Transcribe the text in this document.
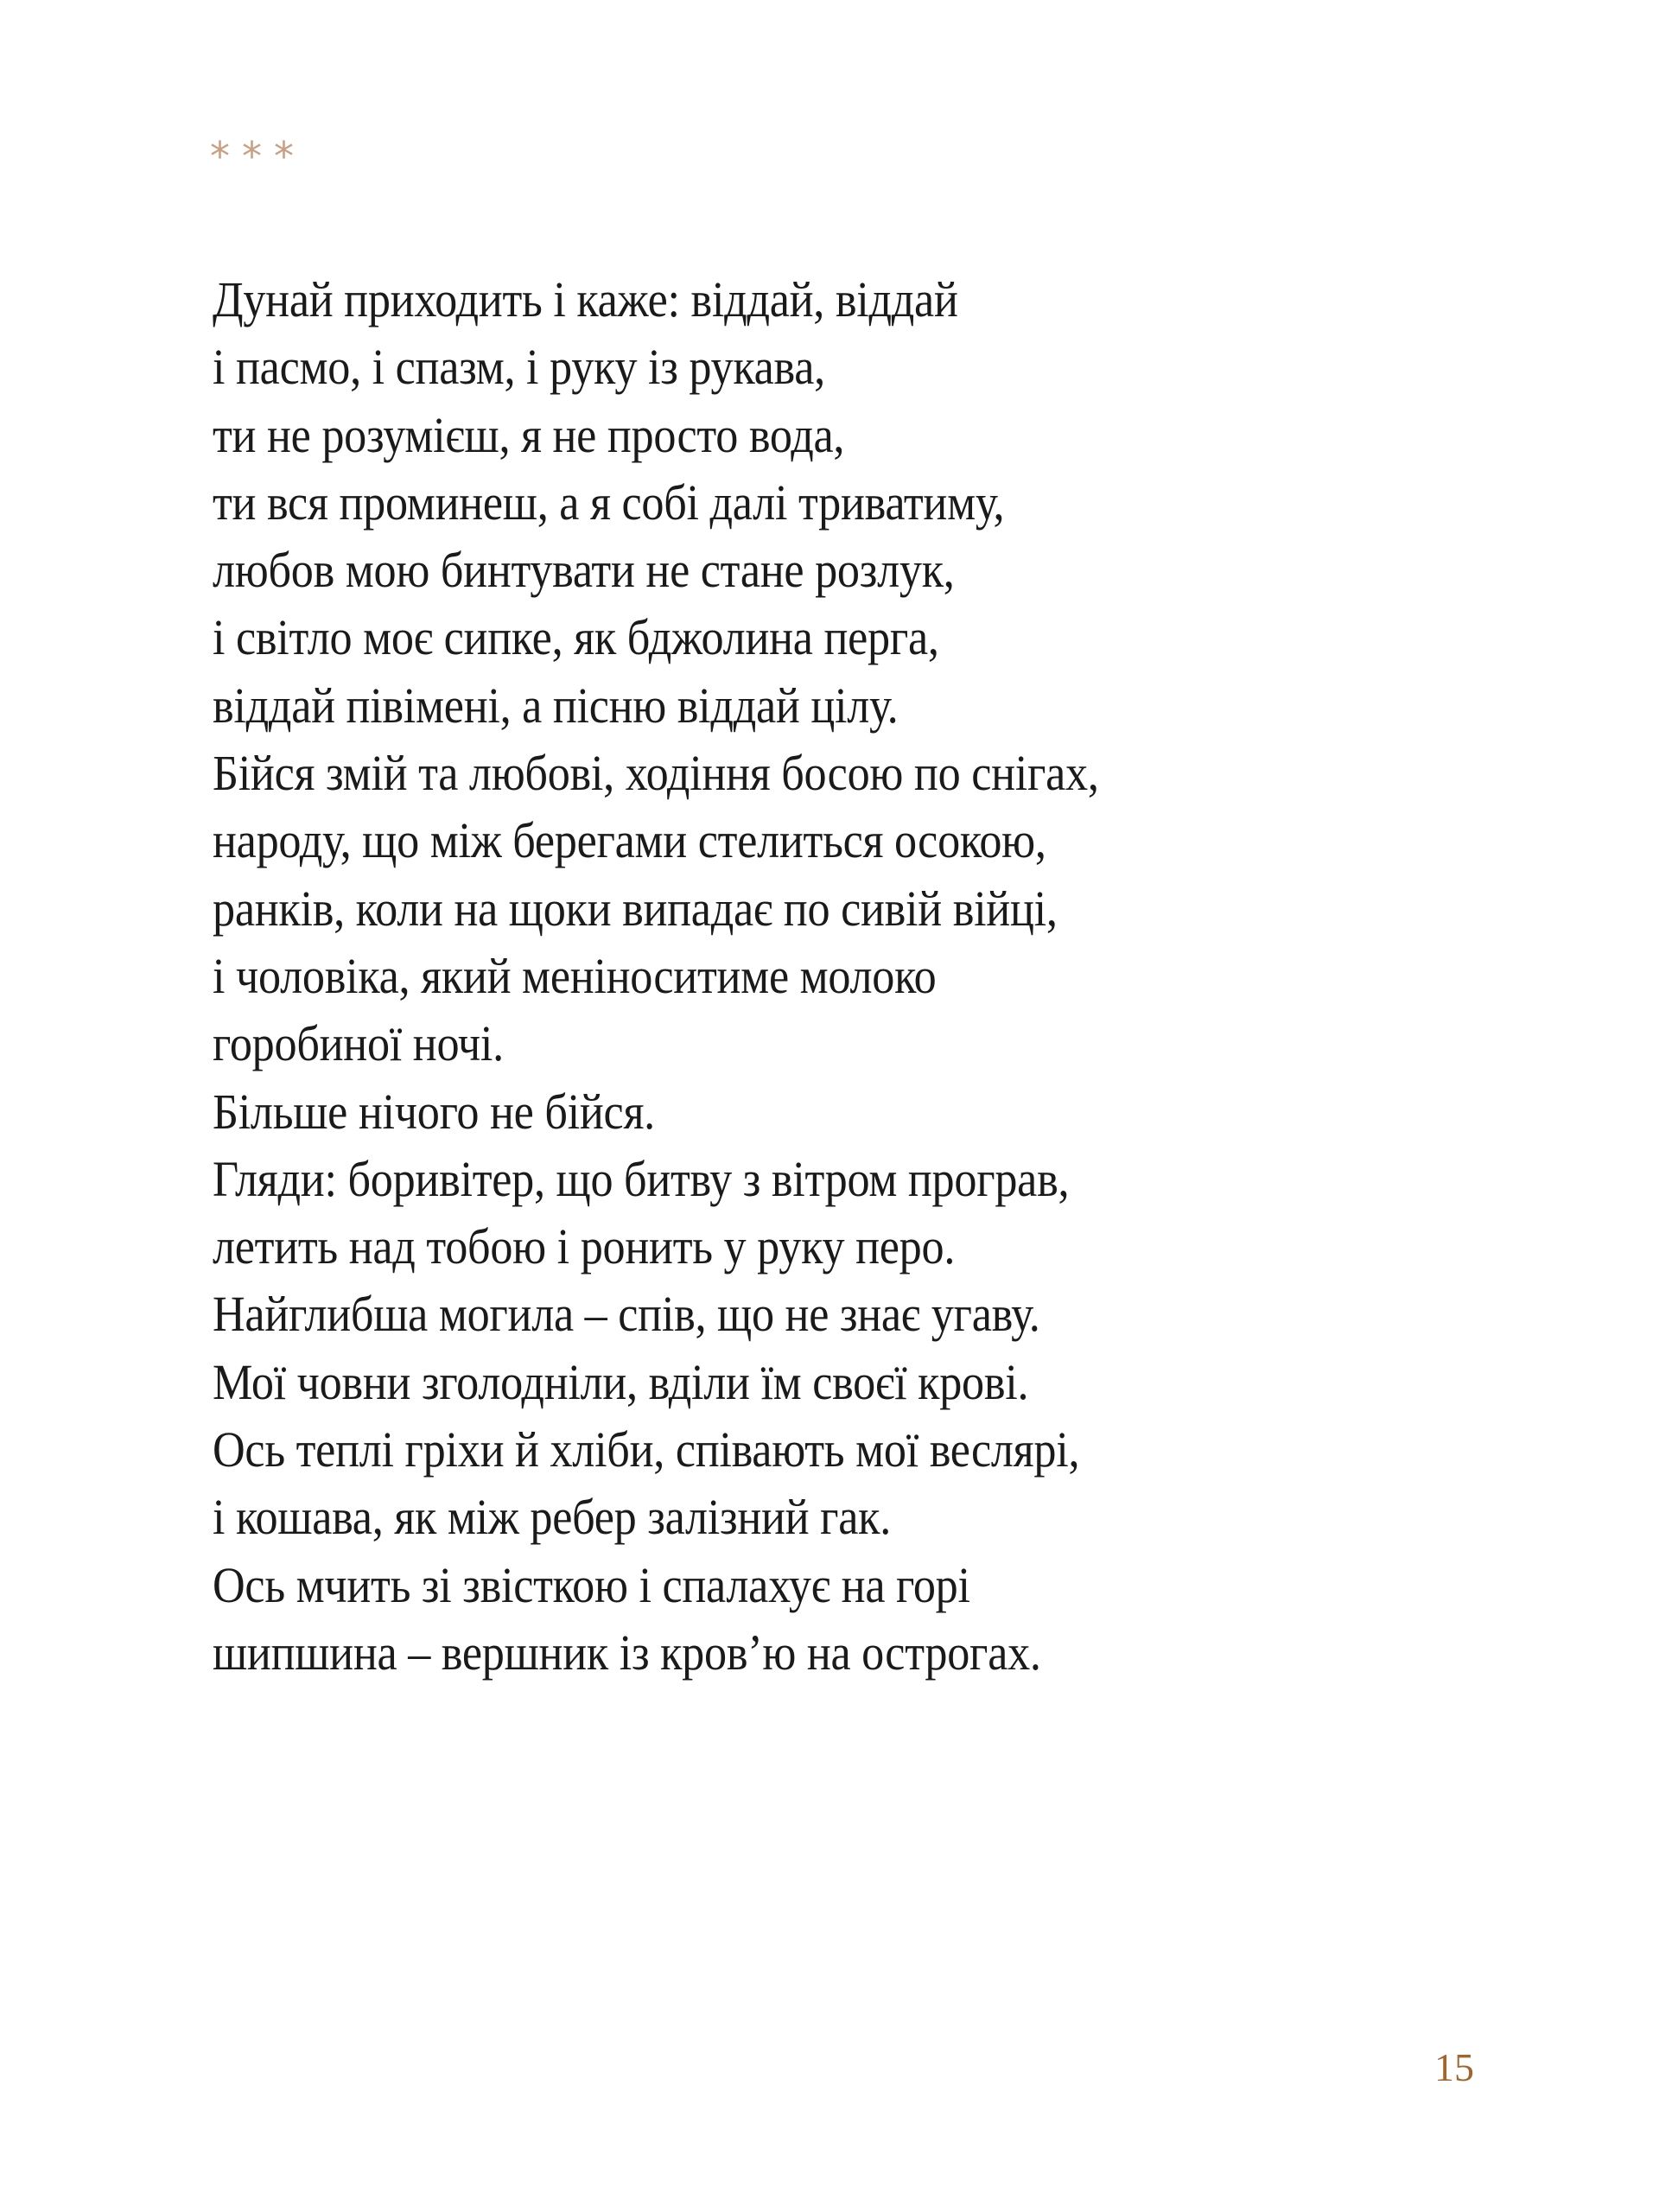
***
Дунай приходить і каже: віддай, віддай
і пасмо, і спазм, і руку із рукава,
ти не розумієш, я не просто вода,
ти вся проминеш, а я собі далі триватиму,
любов мою бинтувати не стане розлук,
і світло моє сипке, як бджолина перга,
віддай півімені, а пісню віддай цілу.
Бійся змій та любові, ходіння босою по снігах,
народу, що між берегами стелиться осокою,
ранків, коли на щоки випадає по сивій війці,
і чоловіка, який меніноситиме молоко
горобиної ночі.
Більше нічого не бійся.
Гляди: боривітер, що битву з вітром програв,
летить над тобою і ронить у руку перо.
Найглибша могила – спів, що не знає угаву.
Мої човни зголодніли, вділи їм своєї крові.
Ось теплі гріхи й хліби, співають мої веслярі,
і кошава, як між ребер залізний гак.
Ось мчить зі звісткою і спалахує на горі
шипшина – вершник із кров’ю на острогах.
15
